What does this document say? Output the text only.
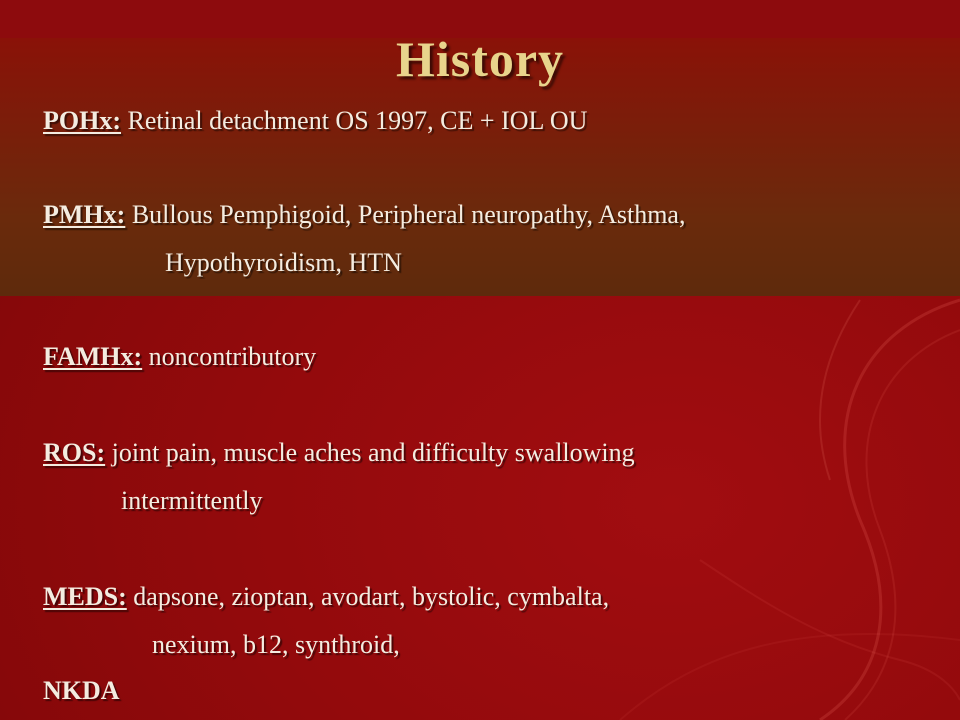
History
POHx: Retinal detachment OS 1997, CE + IOL OU
PMHx: Bullous Pemphigoid, Peripheral neuropathy, Asthma,
Hypothyroidism, HTN
FAMHx: noncontributory
ROS: joint pain, muscle aches and difficulty swallowing
intermittently
MEDS: dapsone, zioptan, avodart, bystolic, cymbalta,
nexium, b12, synthroid,
NKDA
